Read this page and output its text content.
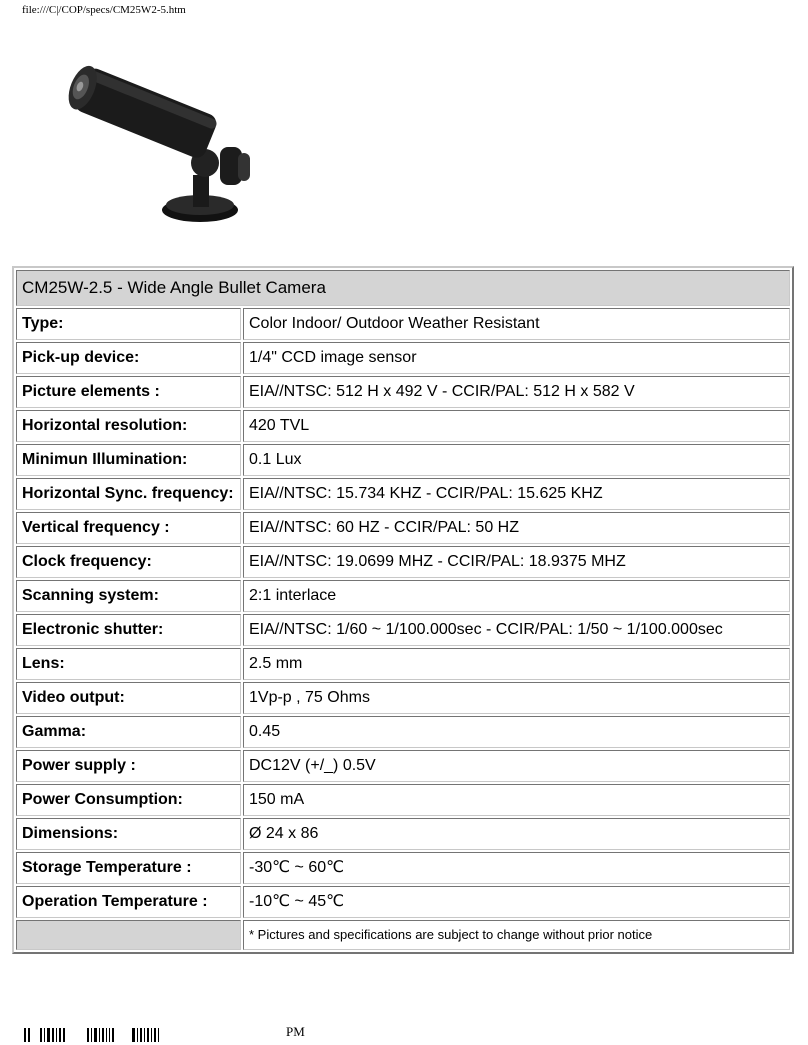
file:///C|/COP/specs/CM25W2-5.htm
CM25W-2.5 - Wide Angle Bullet Camera	
Type:	Color Indoor/ Outdoor Weather Resistant
Pick-up device:	1/4" CCD image sensor
Picture elements :	EIA//NTSC: 512 H x 492 V - CCIR/PAL: 512 H x 582 V
Horizontal resolution:	420 TVL
Minimun Illumination:	0.1 Lux
Horizontal Sync. frequency:	EIA//NTSC: 15.734 KHZ - CCIR/PAL: 15.625 KHZ
Vertical frequency :	EIA//NTSC: 60 HZ - CCIR/PAL: 50 HZ
Clock frequency:	EIA//NTSC: 19.0699 MHZ - CCIR/PAL: 18.9375 MHZ
Scanning system:	2:1 interlace
Electronic shutter:	EIA//NTSC: 1/60 ~ 1/100.000sec - CCIR/PAL: 1/50 ~ 1/100.000sec
Lens:	2.5 mm
Video output:	1Vp-p , 75 Ohms
Gamma:	0.45
Power supply :	DC12V (+/_) 0.5V
Power Consumption:	150 mA
Dimensions:	Ø 24 x 86
Storage Temperature :	-30℃ ~ 60℃
Operation Temperature :	-10℃ ~ 45℃
	* Pictures and specifications are subject to change without prior notice
PM
